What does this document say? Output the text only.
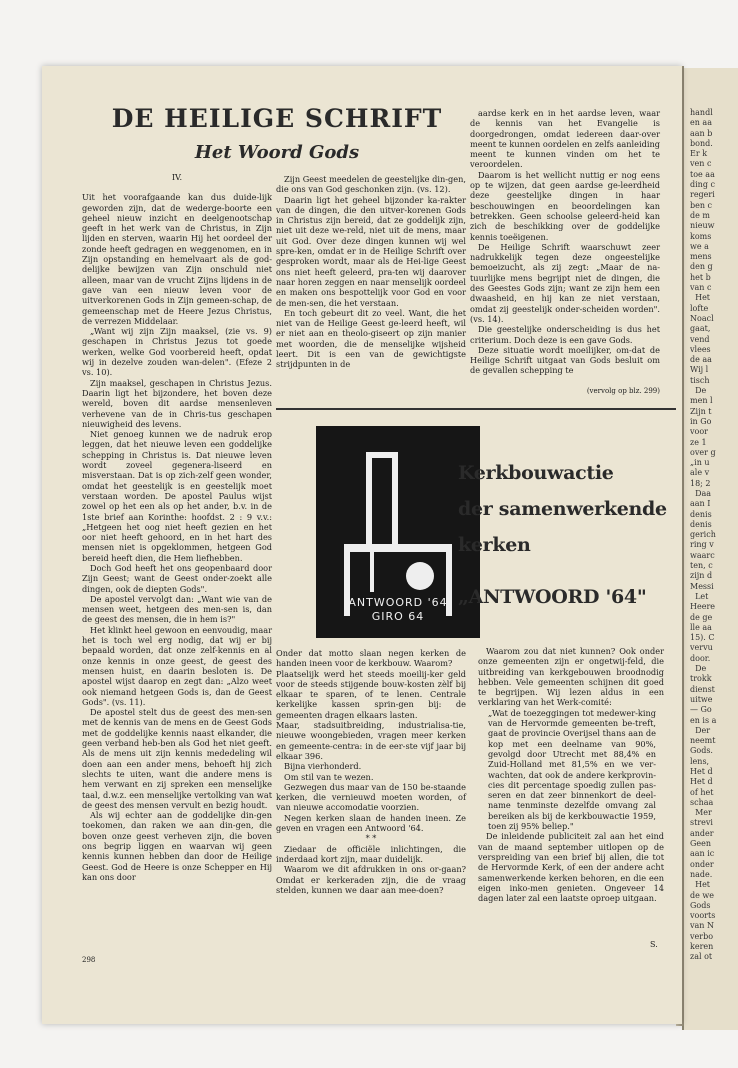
handl
en aa
aan b
bond.
Er k
ven c
toe aa
ding c
regeri
ben c
de m
nieuw
koms
we a
mens
den g
het b
van c
Het
lofte
Noacl
gaat,
vend
vlees
de aa
Wij l
tisch
De
men l
Zijn t
in Go
voor
ze 1
over g
„in u
ale v
18; 2
Daa
aan I
denis
denis
gerich
ring v
waarc
ten, c
zijn d
Messi
Let
Heere
de ge
lle aa
15). C
vervu
door.
De
trokk
dienst
uitwe
— Go
en is a
Der
neemt
Gods.
lens,
Het d
Het d
of het
schaa
Mer
strevi
ander
Geen
aan ic
onder
nade.
Het
de we
Gods
voorts
van N
verbo
keren
zal ot
DE HEILIGE SCHRIFT
Het Woord Gods

IV.

Uit het voorafgaande kan dus duide-lijk geworden zijn, dat de wederge-boorte een geheel nieuw inzicht en deelgenootschap geeft in het werk van de Christus, in Zijn lijden en sterven, waarin Hij het oordeel der zonde heeft gedragen en weggenomen, en in Zijn opstanding en hemelvaart als de god-delijke bewijzen van Zijn onschuld niet alleen, maar van de vrucht Zijns lijdens in de gave van een nieuw leven voor de uitverkorenen Gods in Zijn gemeen-schap, de gemeenschap met de Heere Jezus Christus, de verrezen Middelaar.

„Want wij zijn Zijn maaksel, (zie vs. 9) geschapen in Christus Jezus tot goede werken, welke God voorbereid heeft, opdat wij in dezelve zouden wan-delen". (Efeze 2 vs. 10).

Zijn maaksel, geschapen in Christus Jezus. Daarin ligt het bijzondere, het boven deze wereld, boven dit aardse mensenleven verhevene van de in Chris-tus geschapen nieuwigheid des levens.

Niet genoeg kunnen we de nadruk erop leggen, dat het nieuwe leven een goddelijke schepping in Christus is. Dat nieuwe leven wordt zoveel gegenera-liseerd en misverstaan. Dat is op zich-zelf geen wonder, omdat het geestelijk is en geestelijk moet verstaan worden. De apostel Paulus wijst zowel op het een als op het ander, b.v. in de 1ste brief aan Korinthe: hoofdst. 2 : 9 v.v.: „Hetgeen het oog niet heeft gezien en het oor niet heeft gehoord, en in het hart des mensen niet is opgeklommen, hetgeen God bereid heeft dien, die Hem liefhebben.

Doch God heeft het ons geopenbaard door Zijn Geest; want de Geest onder-zoekt alle dingen, ook de diepten Gods".

De apostel vervolgt dan: „Want wie van de mensen weet, hetgeen des men-sen is, dan de geest des mensen, die in hem is?"

Het klinkt heel gewoon en eenvoudig, maar het is toch wel erg nodig, dat wij er bij bepaald worden, dat onze zelf-kennis en al onze kennis in onze geest, de geest des mensen huist, en daarin besloten is. De apostel wijst daarop en zegt dan: „Alzo weet ook niemand hetgeen Gods is, dan de Geest Gods". (vs. 11).

De apostel stelt dus de geest des men-sen met de kennis van de mens en de Geest Gods met de goddelijke kennis naast elkander, die geen verband heb-ben als God het niet geeft. Als de mens uit zijn kennis mededeling wil doen aan een ander mens, behoeft hij zich slechts te uiten, want die andere mens is hem verwant en zij spreken een menselijke taal, d.w.z. een menselijke vertolking van wat de geest des mensen vervult en bezig houdt.

Als wij echter aan de goddelijke din-gen toekomen, dan raken we aan din-gen, die boven onze geest verheven zijn, die boven ons begrip liggen en waarvan wij geen kennis kunnen hebben dan door de Heilige Geest. God de Heere is onze Schepper en Hij kan ons door

Zijn Geest meedelen de geestelijke din-gen, die ons van God geschonken zijn. (vs. 12).

Daarin ligt het geheel bijzonder ka-rakter van de dingen, die den uitver-korenen Gods in Christus zijn bereid, dat ze goddelijk zijn, niet uit deze we-reld, niet uit de mens, maar uit God. Over deze dingen kunnen wij wel spre-ken, omdat er in de Heilige Schrift over gesproken wordt, maar als de Hei-lige Geest ons niet heeft geleerd, pra-ten wij daarover naar horen zeggen en naar menselijk oordeel en maken ons bespottelijk voor God en voor de men-sen, die het verstaan.

En toch gebeurt dit zo veel. Want, die het niet van de Heilige Geest ge-leerd heeft, wil er niet aan en theolo-giseert op zijn manier met woorden, die de menselijke wijsheid leert. Dit is een van de gewichtigste strijdpunten in de

aardse kerk en in het aardse leven, waar de kennis van het Evangelie is doorgedrongen, omdat iedereen daar-over meent te kunnen oordelen en zelfs aanleiding meent te kunnen vinden om het te veroordelen.

Daarom is het wellicht nuttig er nog eens op te wijzen, dat geen aardse ge-leerdheid deze geestelijke dingen in haar beschouwingen en beoordelingen kan betrekken. Geen schoolse geleerd-heid kan zich de beschikking over de goddelijke kennis toeëigenen.

De Heilige Schrift waarschuwt zeer nadrukkelijk tegen deze ongeestelijke bemoeizucht, als zij zegt: „Maar de na-tuurlijke mens begrijpt niet de dingen, die des Geestes Gods zijn; want ze zijn hem een dwaasheid, en hij kan ze niet verstaan, omdat zij geestelijk onder-scheiden worden". (vs. 14).

Die geestelijke onderscheiding is dus het criterium. Doch deze is een gave Gods.

Deze situatie wordt moeilijker, om-dat de Heilige Schrift uitgaat van Gods besluit om de gevallen schepping te

(vervolg op blz. 299)

ANTWOORD '64
GIRO 64
Kerkbouwactie
der samenwerkende
kerken
„ANTWOORD '64"

Onder dat motto slaan negen kerken de handen ineen voor de kerkbouw. Waarom?

Plaatselijk werd het steeds moeilij-ker geld voor de steeds stijgende bouw-kosten zèlf bij elkaar te sparen, of te lenen. Centrale kerkelijke kassen sprin-gen bij: de gemeenten dragen elkaars lasten.

Maar, stadsuitbreiding, industrialisa-tie, nieuwe woongebieden, vragen meer kerken en gemeente-centra: in de eer-ste vijf jaar bij elkaar 396.

Bijna vierhonderd.

Om stil van te wezen.

Gezwegen dus maar van de 150 be-staande kerken, die vernieuwd moeten worden, of van nieuwe accomodatie voorzien.

Negen kerken slaan de handen ineen. Ze geven en vragen een Antwoord '64.

* *

Ziedaar de officiële inlichtingen, die inderdaad kort zijn, maar duidelijk.

Waarom we dit afdrukken in ons or-gaan? Omdat er kerkeraden zijn, die de vraag stelden, kunnen we daar aan mee-doen?

Waarom zou dat niet kunnen? Ook onder onze gemeenten zijn er ongetwij-feld, die uitbreiding van kerkgebouwen broodnodig hebben. Vele gemeenten schijnen dit goed te begrijpen. Wij lezen aldus in een verklaring van het Werk-comité:

„Wat de toezeggingen tot medewer-king van de Hervormde gemeenten be-treft, gaat de provincie Overijsel thans aan de kop met een deelname van 90%, gevolgd door Utrecht met 88,4% en Zuid-Holland met 81,5% en we ver-wachten, dat ook de andere kerkprovin-cies dit percentage spoedig zullen pas-seren en dat zeer binnenkort de deel-name tenminste dezelfde omvang zal bereiken als bij de kerkbouwactie 1959, toen zij 95% beliep."

De inleidende publiciteit zal aan het eind van de maand september uitlopen op de verspreiding van een brief bij allen, die tot de Hervormde Kerk, of een der andere acht samenwerkende kerken behoren, en die een eigen inko-men genieten. Ongeveer 14 dagen later zal een laatste oproep uitgaan.

S.
298
